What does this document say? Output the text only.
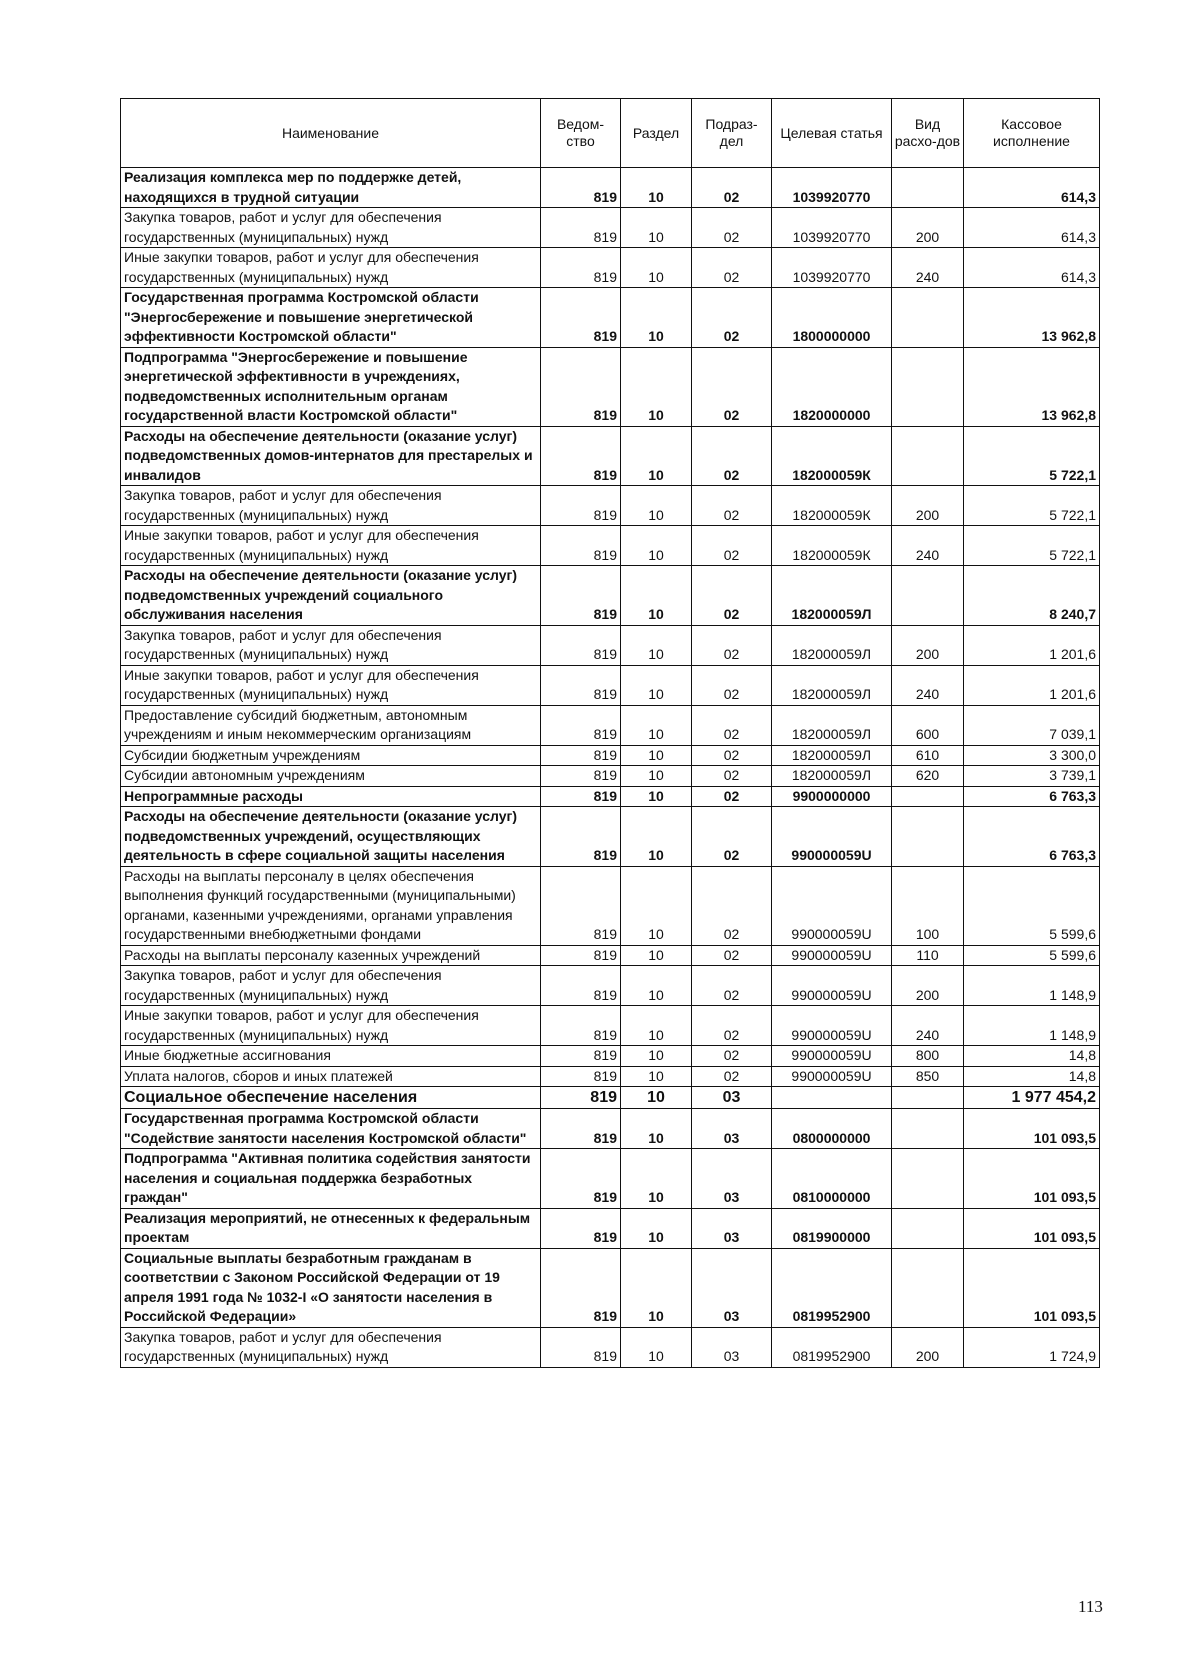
Наименование	Ведом-ство	Раздел	Подраз-дел	Целевая статья	Вид расхо-дов	Кассовое исполнение
Реализация комплекса мер по поддержке детей, находящихся в трудной ситуации	819	10	02	1039920770		614,3
Закупка товаров, работ и услуг для обеспечения государственных (муниципальных) нужд	819	10	02	1039920770	200	614,3
Иные закупки товаров, работ и услуг для обеспечения государственных (муниципальных) нужд	819	10	02	1039920770	240	614,3
Государственная программа Костромской области "Энергосбережение и повышение энергетической эффективности Костромской области"	819	10	02	1800000000		13 962,8
Подпрограмма "Энергосбережение и повышение энергетической эффективности в учреждениях, подведомственных исполнительным органам государственной власти Костромской области"	819	10	02	1820000000		13 962,8
Расходы на обеспечение деятельности (оказание услуг) подведомственных домов-интернатов для престарелых и инвалидов	819	10	02	182000059К		5 722,1
Закупка товаров, работ и услуг для обеспечения государственных (муниципальных) нужд	819	10	02	182000059К	200	5 722,1
Иные закупки товаров, работ и услуг для обеспечения государственных (муниципальных) нужд	819	10	02	182000059К	240	5 722,1
Расходы на обеспечение деятельности (оказание услуг) подведомственных учреждений социального обслуживания населения	819	10	02	182000059Л		8 240,7
Закупка товаров, работ и услуг для обеспечения государственных (муниципальных) нужд	819	10	02	182000059Л	200	1 201,6
Иные закупки товаров, работ и услуг для обеспечения государственных (муниципальных) нужд	819	10	02	182000059Л	240	1 201,6
Предоставление субсидий бюджетным, автономным учреждениям и иным некоммерческим организациям	819	10	02	182000059Л	600	7 039,1
Субсидии бюджетным учреждениям	819	10	02	182000059Л	610	3 300,0
Субсидии автономным учреждениям	819	10	02	182000059Л	620	3 739,1
Непрограммные расходы	819	10	02	9900000000		6 763,3
Расходы на обеспечение деятельности (оказание услуг) подведомственных учреждений, осуществляющих деятельность в сфере социальной защиты населения	819	10	02	990000059U		6 763,3
Расходы на выплаты персоналу в целях обеспечения выполнения функций государственными (муниципальными) органами, казенными учреждениями, органами управления государственными внебюджетными фондами	819	10	02	990000059U	100	5 599,6
Расходы на выплаты персоналу казенных учреждений	819	10	02	990000059U	110	5 599,6
Закупка товаров, работ и услуг для обеспечения государственных (муниципальных) нужд	819	10	02	990000059U	200	1 148,9
Иные закупки товаров, работ и услуг для обеспечения государственных (муниципальных) нужд	819	10	02	990000059U	240	1 148,9
Иные бюджетные ассигнования	819	10	02	990000059U	800	14,8
Уплата налогов, сборов и иных платежей	819	10	02	990000059U	850	14,8
Социальное обеспечение населения	819	10	03			1 977 454,2
Государственная программа Костромской области "Содействие занятости населения Костромской области"	819	10	03	0800000000		101 093,5
Подпрограмма "Активная политика содействия занятости населения и социальная поддержка безработных граждан"	819	10	03	0810000000		101 093,5
Реализация мероприятий, не отнесенных к федеральным проектам	819	10	03	0819900000		101 093,5
Социальные выплаты безработным гражданам в соответствии с Законом Российской Федерации от 19 апреля 1991 года № 1032-I «О занятости населения в Российской Федерации»	819	10	03	0819952900		101 093,5
Закупка товаров, работ и услуг для обеспечения государственных (муниципальных) нужд	819	10	03	0819952900	200	1 724,9
113
